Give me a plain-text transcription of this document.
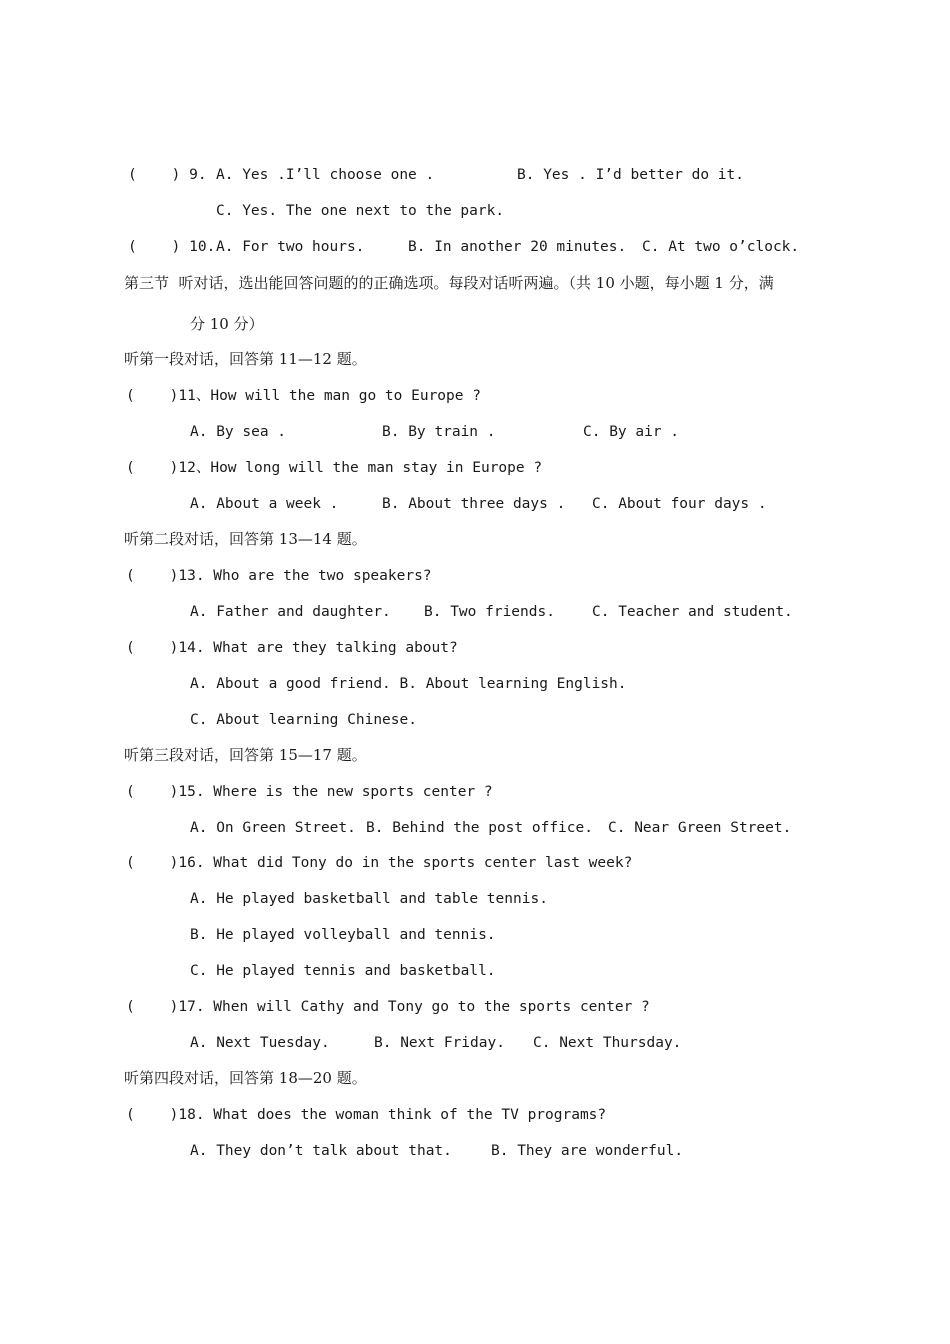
(    ) 9.

A. Yes .I’ll choose one .

	B. Yes . I’d better do it.

C. Yes. The one next to the park.

(    ) 10.

A. For two hours.

	B. In another 20 minutes.

C. At two o’clock.

第三节  听对话，选出能回答问题的的正确选项。每段对话听两遍。（共 10 小题，每小题 1 分，满
分 10 分）
听第一段对话，回答第 11—12 题。
(    )11、How will the man go to Europe ?

A. By sea .

	B. By train .

	C. By air .

(    )12、How long will the man stay in Europe ?

A. About a week .

	B. About three days .

C. About four days .

听第二段对话，回答第 13—14 题。
(    )13. Who are the two speakers?

A. Father and daughter.

B. Two friends.

	C. Teacher and student.

(    )14. What are they talking about?
A. About a good friend. B. About learning English.
C. About learning Chinese.
听第三段对话，回答第 15—17 题。
(    )15. Where is the new sports center ?

A. On Green Street.

B. Behind the post office.

C. Near Green Street.

(    )16. What did Tony do in the sports center last week?
A. He played basketball and table tennis.
B. He played volleyball and tennis.
C. He played tennis and basketball.
(    )17. When will Cathy and Tony go to the sports center ?

A. Next Tuesday.

	B. Next Friday.

C. Next Thursday.

听第四段对话，回答第 18—20 题。
(    )18. What does the woman think of the TV programs?

A. They don’t talk about that.

	B. They are wonderful.
